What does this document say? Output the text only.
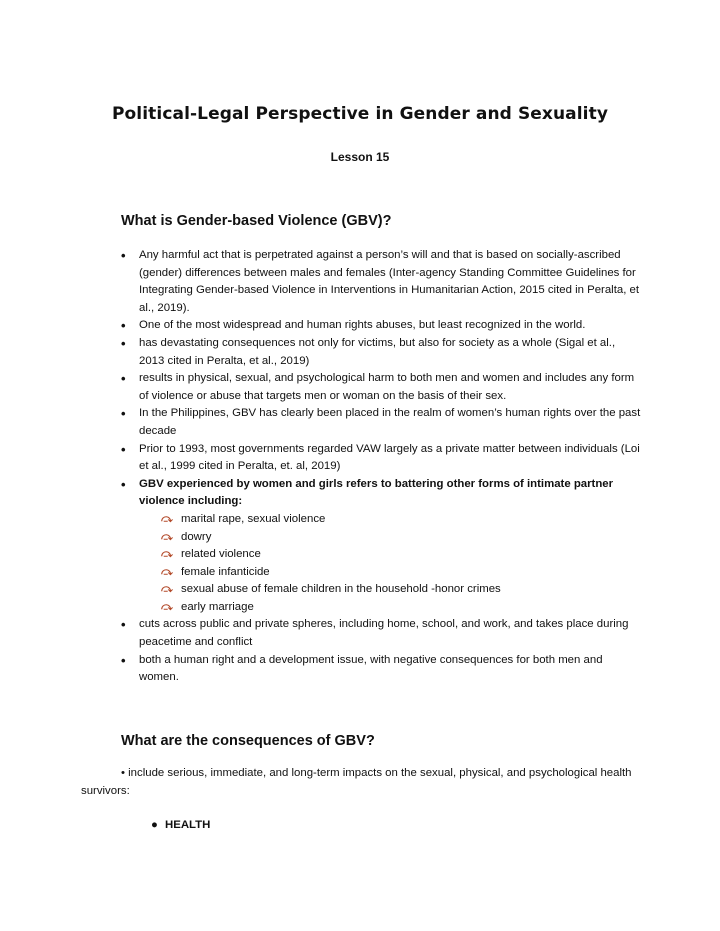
Political-Legal Perspective in Gender and Sexuality
Lesson 15
What is Gender-based Violence (GBV)?
• Any harmful act that is perpetrated against a person’s will and that is based on socially-ascribed (gender) differences between males and females (Inter-agency Standing Committee Guidelines for Integrating Gender-based Violence in Interventions in Humanitarian Action, 2015 cited in Peralta, et al., 2019).
• One of the most widespread and human rights abuses, but least recognized in the world.
• has devastating consequences not only for victims, but also for society as a whole (Sigal et al., 2013 cited in Peralta, et al., 2019)
• results in physical, sexual, and psychological harm to both men and women and includes any form of violence or abuse that targets men or woman on the basis of their sex.
• In the Philippines, GBV has clearly been placed in the realm of women’s human rights over the past decade
• Prior to 1993, most governments regarded VAW largely as a private matter between individuals (Loi et al., 1999 cited in Peralta, et. al, 2019)
• GBV experienced by women and girls refers to battering other forms of intimate partner violence including:
⤼ marital rape, sexual violence
⤼ dowry
⤼ related violence
⤼ female infanticide
⤼ sexual abuse of female children in the household -honor crimes
⤼ early marriage
• cuts across public and private spheres, including home, school, and work, and takes place during peacetime and conflict
• both a human right and a development issue, with negative consequences for both men and women.
What are the consequences of GBV?
• include serious, immediate, and long-term impacts on the sexual, physical, and psychological health survivors:
● HEALTH
